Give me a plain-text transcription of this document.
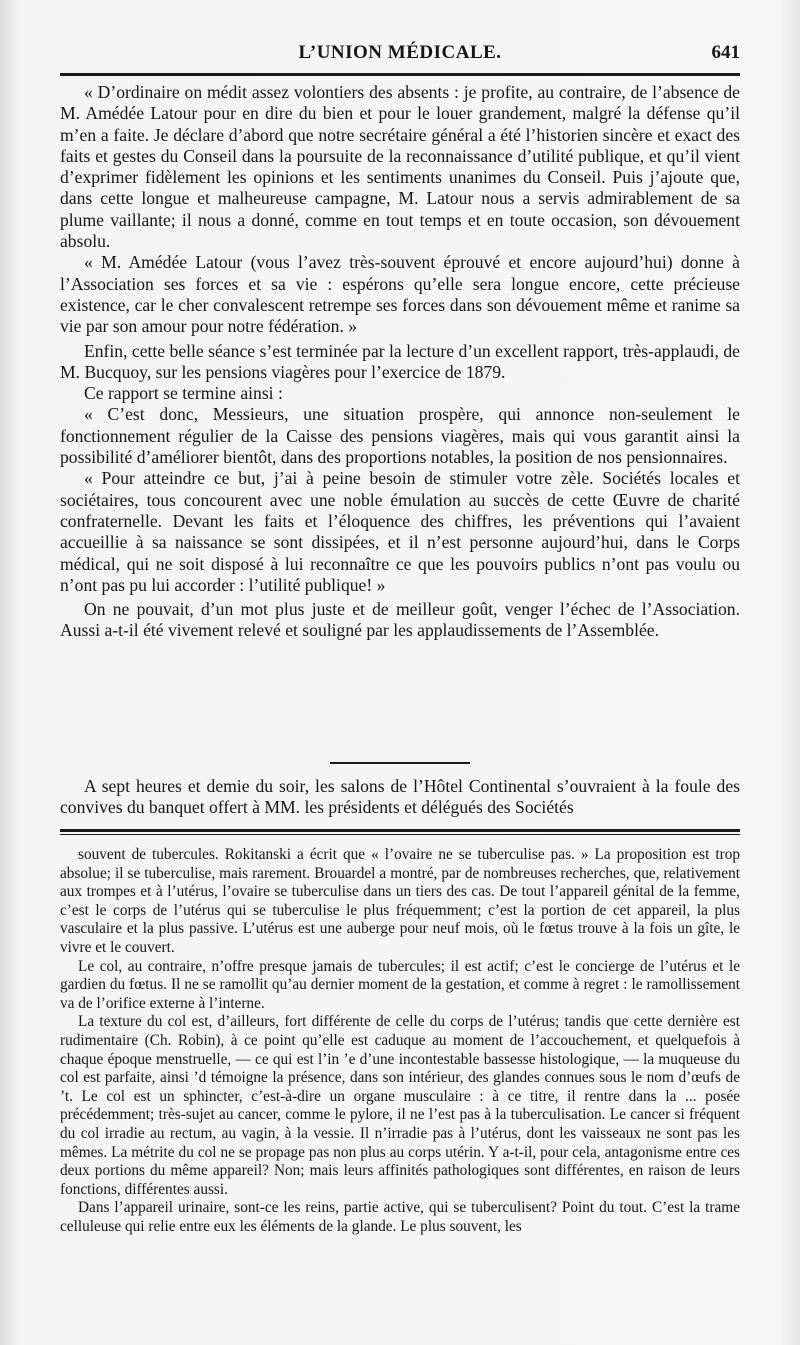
L’UNION MÉDICALE.	641

« D’ordinaire on médit assez volontiers des absents : je profite, au contraire, de l’absence de M. Amédée Latour pour en dire du bien et pour le louer grandement, malgré la défense qu’il m’en a faite. Je déclare d’abord que notre secrétaire général a été l’historien sincère et exact des faits et gestes du Conseil dans la poursuite de la reconnaissance d’utilité publique, et qu’il vient d’exprimer fidèlement les opinions et les sentiments unanimes du Conseil. Puis j’ajoute que, dans cette longue et malheureuse campagne, M. Latour nous a servis admirablement de sa plume vaillante; il nous a donné, comme en tout temps et en toute occasion, son dévouement absolu.

« M. Amédée Latour (vous l’avez très-souvent éprouvé et encore aujourd’hui) donne à l’Association ses forces et sa vie : espérons qu’elle sera longue encore, cette précieuse existence, car le cher convalescent retrempe ses forces dans son dévouement même et ranime sa vie par son amour pour notre fédération. »

Enfin, cette belle séance s’est terminée par la lecture d’un excellent rapport, très-applaudi, de M. Bucquoy, sur les pensions viagères pour l’exercice de 1879.

Ce rapport se termine ainsi :

« C’est donc, Messieurs, une situation prospère, qui annonce non-seulement le fonctionnement régulier de la Caisse des pensions viagères, mais qui vous garantit ainsi la possibilité d’améliorer bientôt, dans des proportions notables, la position de nos pensionnaires.

« Pour atteindre ce but, j’ai à peine besoin de stimuler votre zèle. Sociétés locales et sociétaires, tous concourent avec une noble émulation au succès de cette Œuvre de charité confraternelle. Devant les faits et l’éloquence des chiffres, les préventions qui l’avaient accueillie à sa naissance se sont dissipées, et il n’est personne aujourd’hui, dans le Corps médical, qui ne soit disposé à lui reconnaître ce que les pouvoirs publics n’ont pas voulu ou n’ont pas pu lui accorder : l’utilité publique! »

On ne pouvait, d’un mot plus juste et de meilleur goût, venger l’échec de l’Association. Aussi a-t-il été vivement relevé et souligné par les applaudissements de l’Assemblée.

A sept heures et demie du soir, les salons de l’Hôtel Continental s’ouvraient à la foule des convives du banquet offert à MM. les présidents et délégués des Sociétés

souvent de tubercules. Rokitanski a écrit que « l’ovaire ne se tuberculise pas. » La proposition est trop absolue; il se tuberculise, mais rarement. Brouardel a montré, par de nombreuses recherches, que, relativement aux trompes et à l’utérus, l’ovaire se tuberculise dans un tiers des cas. De tout l’appareil génital de la femme, c’est le corps de l’utérus qui se tuberculise le plus fréquemment; c’est la portion de cet appareil, la plus vasculaire et la plus passive. L’utérus est une auberge pour neuf mois, où le fœtus trouve à la fois un gîte, le vivre et le couvert.

Le col, au contraire, n’offre presque jamais de tubercules; il est actif; c’est le concierge de l’utérus et le gardien du fœtus. Il ne se ramollit qu’au dernier moment de la gestation, et comme à regret : le ramollissement va de l’orifice externe à l’interne.

La texture du col est, d’ailleurs, fort différente de celle du corps de l’utérus; tandis que cette dernière est rudimentaire (Ch. Robin), à ce point qu’elle est caduque au moment de l’accouchement, et quelquefois à chaque époque menstruelle, — ce qui est l’in ’e d’une incontestable bassesse histologique, — la muqueuse du col est parfaite, ainsi ’d témoigne la présence, dans son intérieur, des glandes connues sous le nom d’œufs de ’t. Le col est un sphincter, c’est-à-dire un organe musculaire : à ce titre, il rentre dans la ... posée précédemment; très-sujet au cancer, comme le pylore, il ne l’est pas à la tuberculisation. Le cancer si fréquent du col irradie au rectum, au vagin, à la vessie. Il n’irradie pas à l’utérus, dont les vaisseaux ne sont pas les mêmes. La métrite du col ne se propage pas non plus au corps utérin. Y a-t-il, pour cela, antagonisme entre ces deux portions du même appareil? Non; mais leurs affinités pathologiques sont différentes, en raison de leurs fonctions, différentes aussi.

Dans l’appareil urinaire, sont-ce les reins, partie active, qui se tuberculisent? Point du tout. C’est la trame celluleuse qui relie entre eux les éléments de la glande. Le plus souvent, les
